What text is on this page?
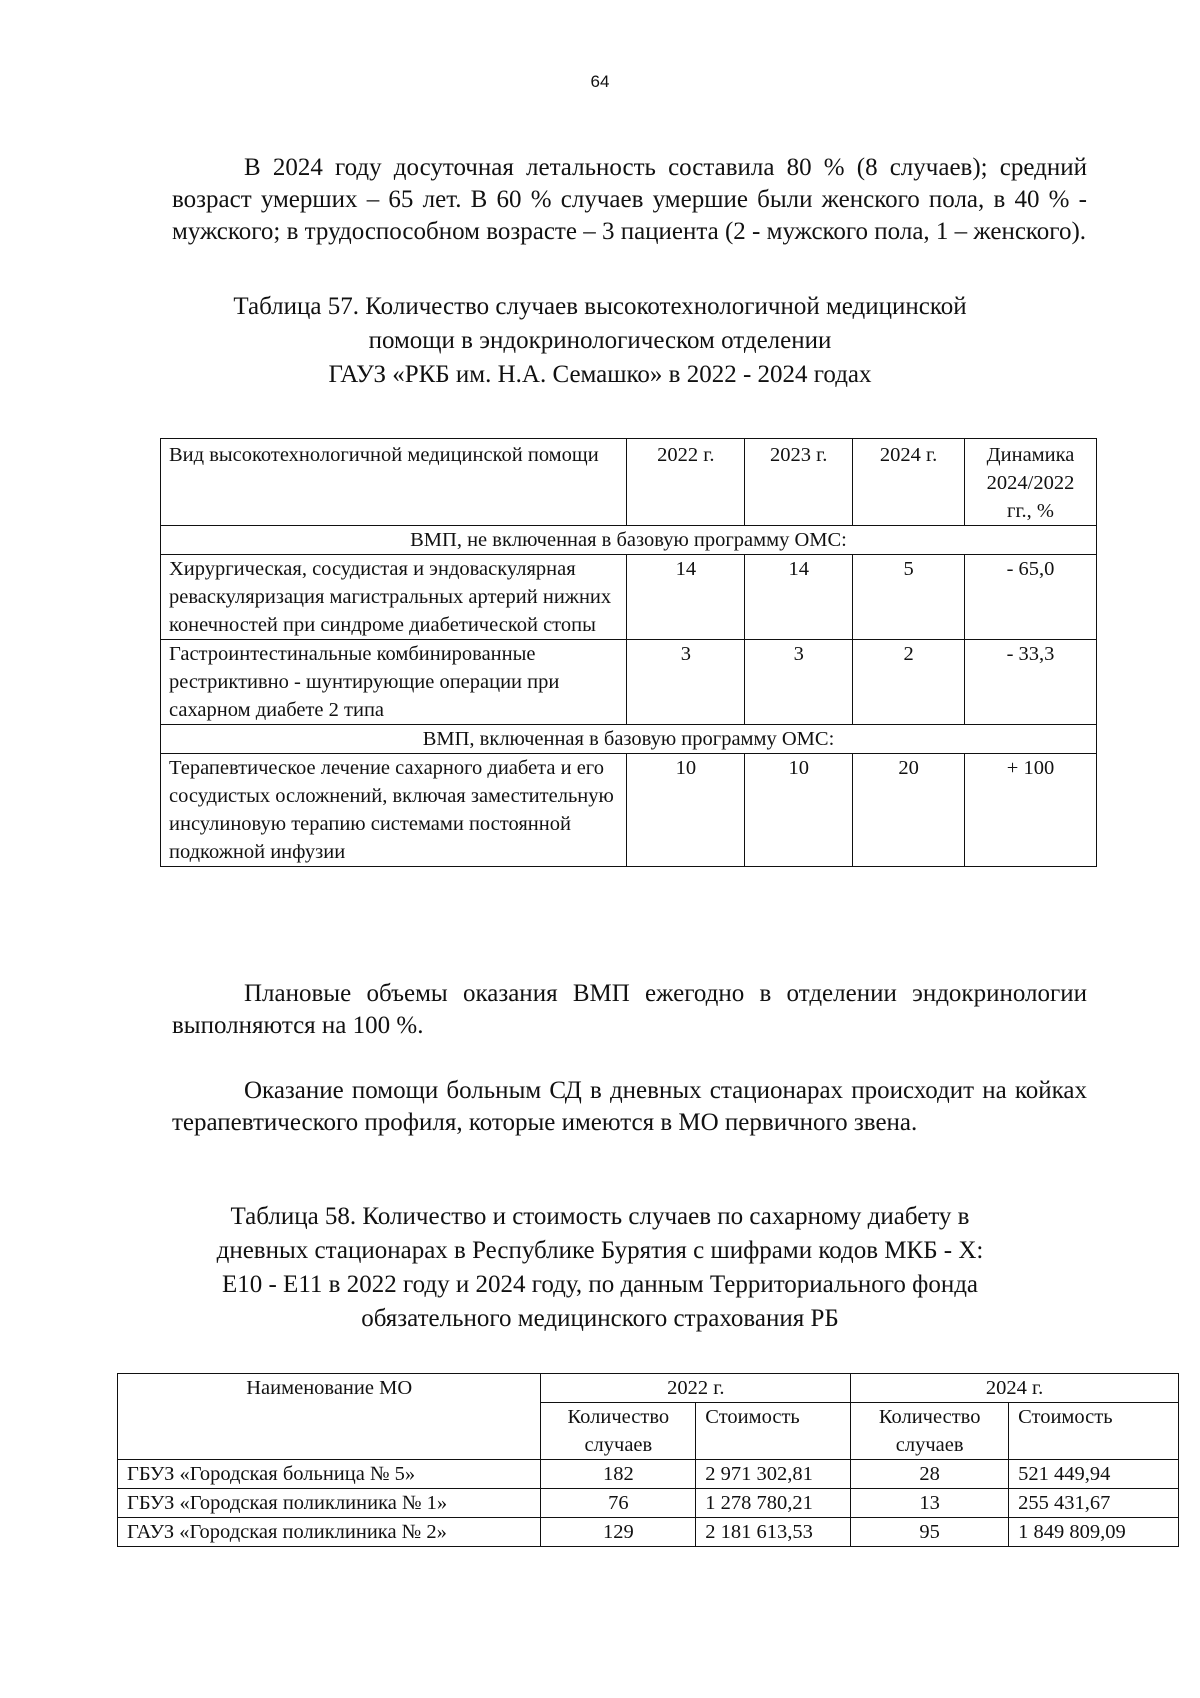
64
В 2024 году досуточная летальность составила 80 % (8 случаев); средний возраст умерших – 65 лет. В 60 % случаев умершие были женского пола, в 40 % - мужского; в трудоспособном возрасте – 3 пациента (2 - мужского пола, 1 – женского).
Таблица 57. Количество случаев высокотехнологичной медицинской
помощи в эндокринологическом отделении
ГАУЗ «РКБ им. Н.А. Семашко» в 2022 - 2024 годах
Вид высокотехнологичной медицинской помощи	2022 г.	2023 г.	2024 г.	Динамика 2024/2022 гг., %
ВМП, не включенная в базовую программу ОМС:				
Хирургическая, сосудистая и эндоваскулярная реваскуляризация магистральных артерий нижних конечностей при синдроме диабетической стопы	14	14	5	- 65,0
Гастроинтестинальные комбинированные рестриктивно - шунтирующие операции при сахарном диабете 2 типа	3	3	2	- 33,3
ВМП, включенная в базовую программу ОМС:				
Терапевтическое лечение сахарного диабета и его сосудистых осложнений, включая заместительную инсулиновую терапию системами постоянной подкожной инфузии	10	10	20	+ 100
Плановые объемы оказания ВМП ежегодно в отделении эндокринологии выполняются на 100 %.
Оказание помощи больным СД в дневных стационарах происходит на койках терапевтического профиля, которые имеются в МО первичного звена.
Таблица 58. Количество и стоимость случаев по сахарному диабету в
дневных стационарах в Республике Бурятия с шифрами кодов МКБ - X:
Е10 - Е11 в 2022 году и 2024 году, по данным Территориального фонда
обязательного медицинского страхования РБ
Наименование МО	2022 г.		2024 г.	
	Количество случаев	Стоимость	Количество случаев	Стоимость
ГБУЗ «Городская больница № 5»	182	2 971 302,81	28	521 449,94
ГБУЗ «Городская поликлиника № 1»	76	1 278 780,21	13	255 431,67
ГАУЗ «Городская поликлиника № 2»	129	2 181 613,53	95	1 849 809,09
